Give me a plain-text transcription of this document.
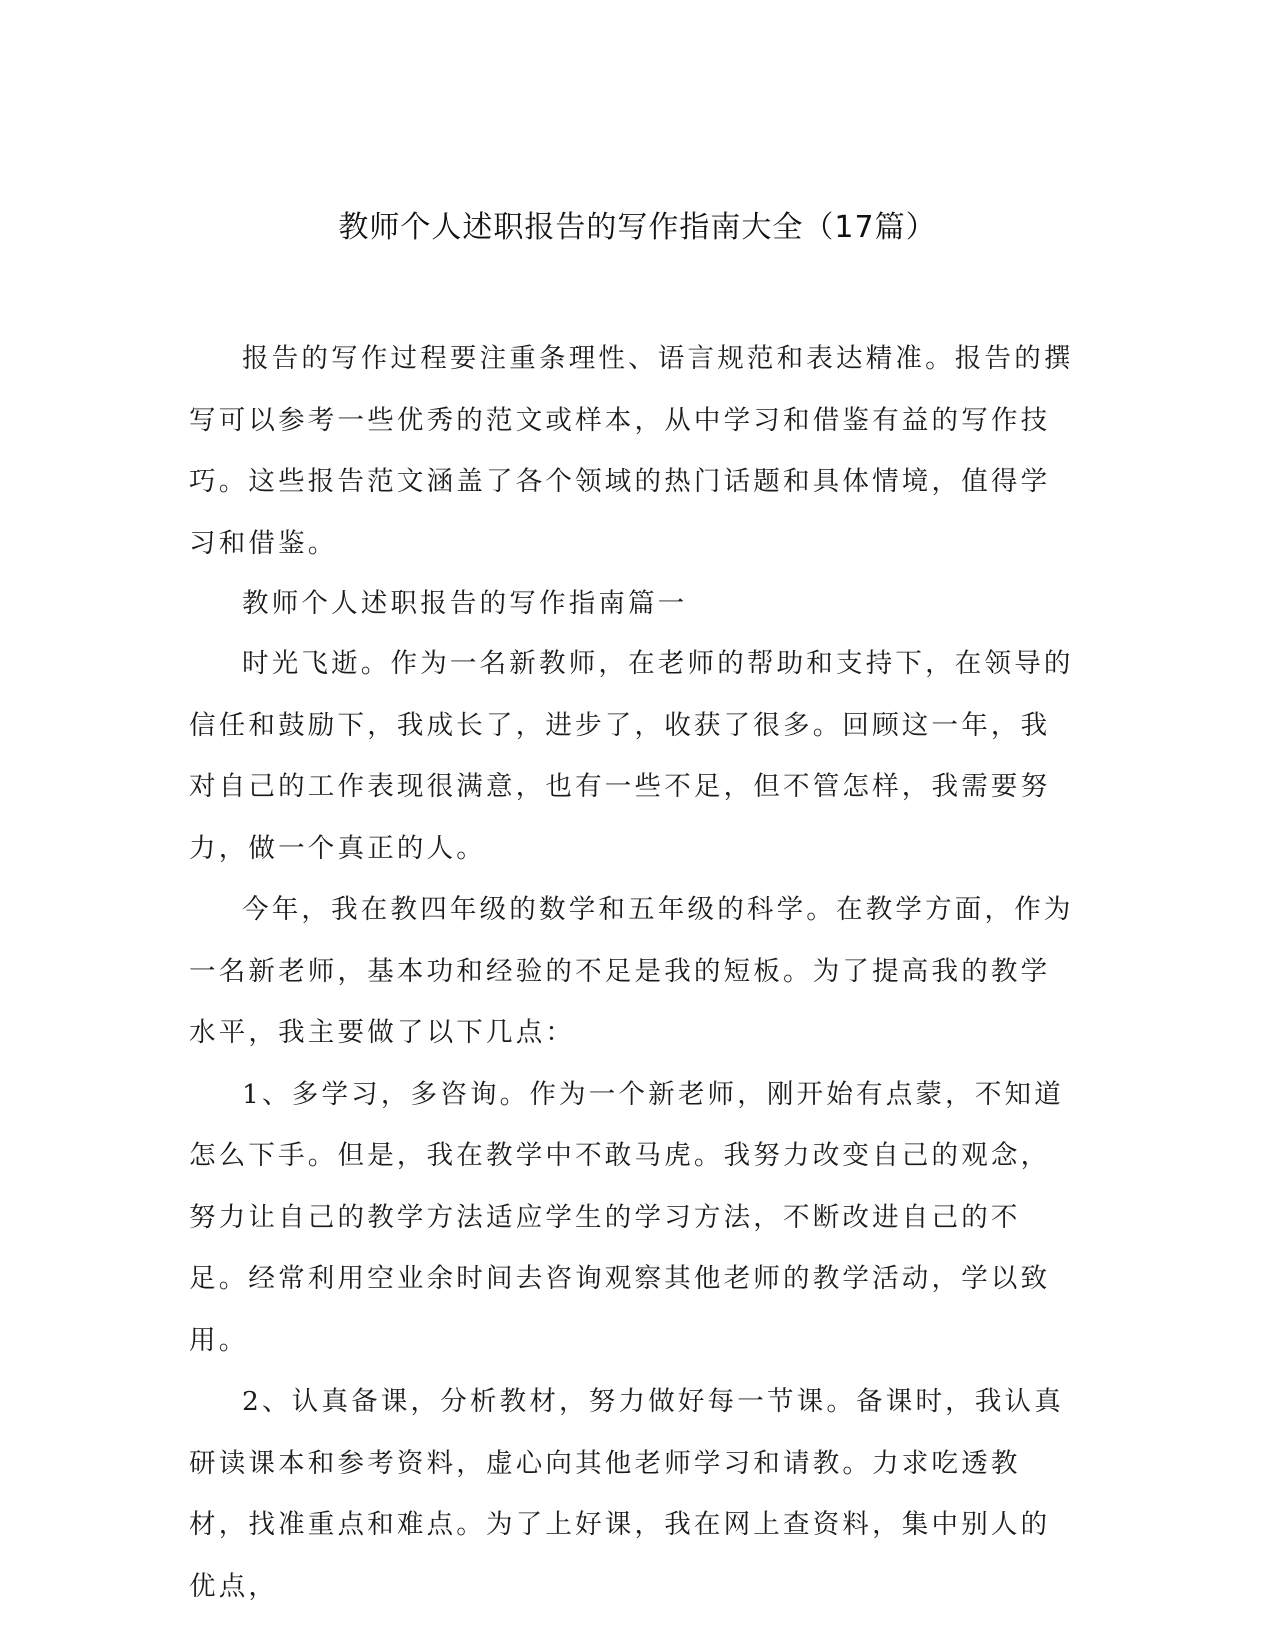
教师个人述职报告的写作指南大全（17篇）

报告的写作过程要注重条理性、语言规范和表达精准。报告的撰写可以参考一些优秀的范文或样本，从中学习和借鉴有益的写作技巧。这些报告范文涵盖了各个领域的热门话题和具体情境，值得学习和借鉴。

教师个人述职报告的写作指南篇一

时光飞逝。作为一名新教师，在老师的帮助和支持下，在领导的信任和鼓励下，我成长了，进步了，收获了很多。回顾这一年，我对自己的工作表现很满意，也有一些不足，但不管怎样，我需要努力，做一个真正的人。

今年，我在教四年级的数学和五年级的科学。在教学方面，作为一名新老师，基本功和经验的不足是我的短板。为了提高我的教学水平，我主要做了以下几点：

1、多学习，多咨询。作为一个新老师，刚开始有点蒙，不知道怎么下手。但是，我在教学中不敢马虎。我努力改变自己的观念，努力让自己的教学方法适应学生的学习方法，不断改进自己的不足。经常利用空业余时间去咨询观察其他老师的教学活动，学以致用。

2、认真备课，分析教材，努力做好每一节课。备课时，我认真研读课本和参考资料，虚心向其他老师学习和请教。力求吃透教材，找准重点和难点。为了上好课，我在网上查资料，集中别人的优点，
